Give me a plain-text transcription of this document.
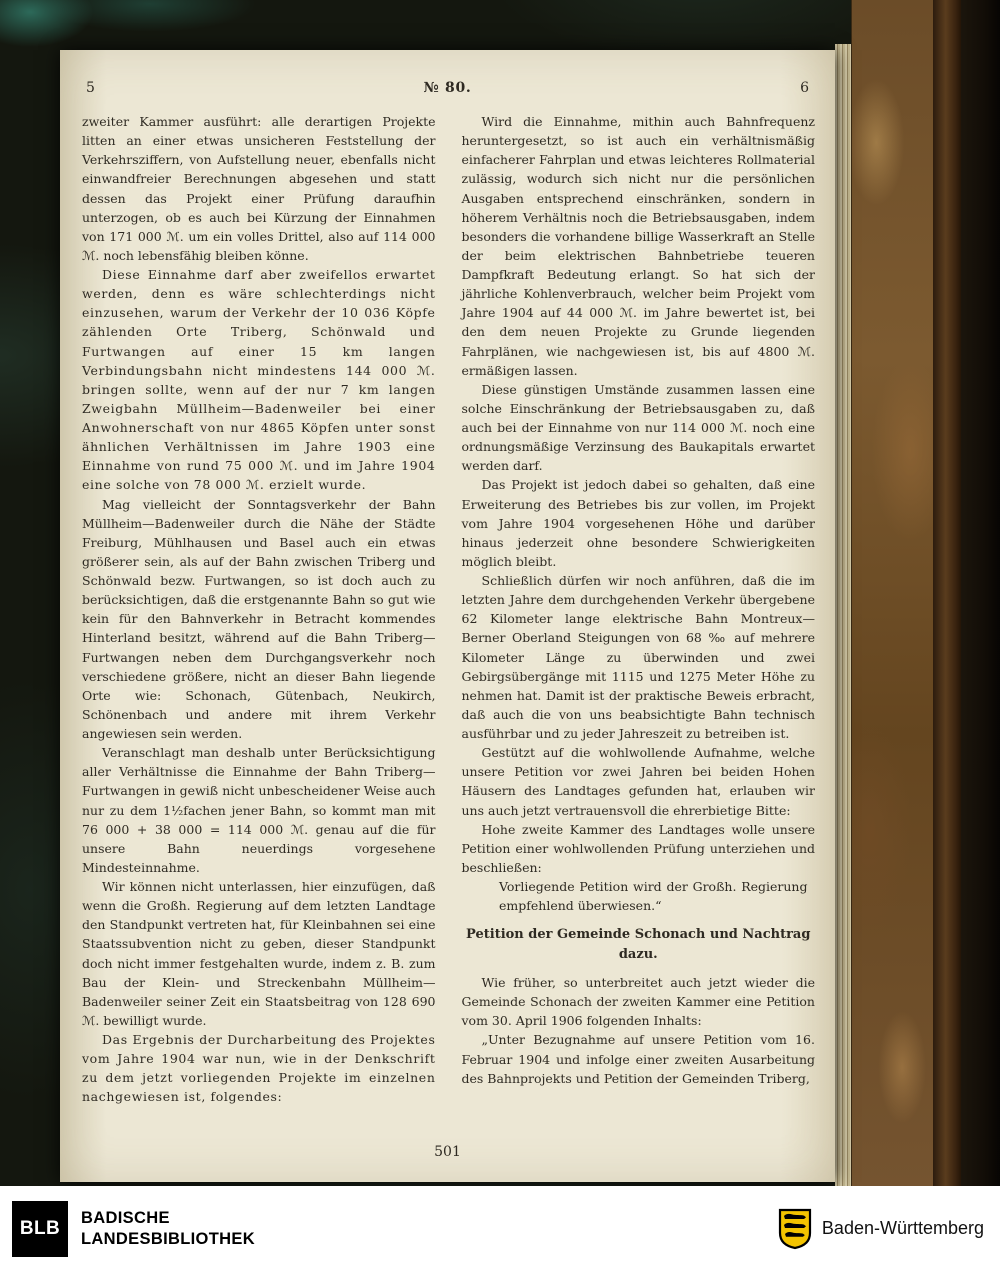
5	№ 80.	6

zweiter Kammer ausführt: alle derartigen Projekte litten an einer etwas unsicheren Feststellung der Verkehrsziffern, von Aufstellung neuer, ebenfalls nicht einwandfreier Berechnungen abgesehen und statt dessen das Projekt einer Prüfung daraufhin unterzogen, ob es auch bei Kürzung der Einnahmen von 171 000 ℳ. um ein volles Drittel, also auf 114 000 ℳ. noch lebensfähig bleiben könne.

Diese Einnahme darf aber zweifellos erwartet werden, denn es wäre schlechterdings nicht einzusehen, warum der Verkehr der 10 036 Köpfe zählenden Orte Triberg, Schönwald und Furtwangen auf einer 15 km langen Verbindungsbahn nicht mindestens 144 000 ℳ. bringen sollte, wenn auf der nur 7 km langen Zweigbahn Müllheim—Badenweiler bei einer Anwohnerschaft von nur 4865 Köpfen unter sonst ähnlichen Verhältnissen im Jahre 1903 eine Einnahme von rund 75 000 ℳ. und im Jahre 1904 eine solche von 78 000 ℳ. erzielt wurde.

Mag vielleicht der Sonntagsverkehr der Bahn Müllheim—Badenweiler durch die Nähe der Städte Freiburg, Mühlhausen und Basel auch ein etwas größerer sein, als auf der Bahn zwischen Triberg und Schönwald bezw. Furtwangen, so ist doch auch zu berücksichtigen, daß die erstgenannte Bahn so gut wie kein für den Bahnverkehr in Betracht kommendes Hinterland besitzt, während auf die Bahn Triberg—Furtwangen neben dem Durchgangsverkehr noch verschiedene größere, nicht an dieser Bahn liegende Orte wie: Schonach, Gütenbach, Neukirch, Schönenbach und andere mit ihrem Verkehr angewiesen sein werden.

Veranschlagt man deshalb unter Berücksichtigung aller Verhältnisse die Einnahme der Bahn Triberg—Furtwangen in gewiß nicht unbescheidener Weise auch nur zu dem 1½fachen jener Bahn, so kommt man mit 76 000 + 38 000 = 114 000 ℳ. genau auf die für unsere Bahn neuerdings vorgesehene Mindesteinnahme.

Wir können nicht unterlassen, hier einzufügen, daß wenn die Großh. Regierung auf dem letzten Landtage den Standpunkt vertreten hat, für Kleinbahnen sei eine Staatssubvention nicht zu geben, dieser Standpunkt doch nicht immer festgehalten wurde, indem z. B. zum Bau der Klein- und Streckenbahn Müllheim—Badenweiler seiner Zeit ein Staatsbeitrag von 128 690 ℳ. bewilligt wurde.

Das Ergebnis der Durcharbeitung des Projektes vom Jahre 1904 war nun, wie in der Denkschrift zu dem jetzt vorliegenden Projekte im einzelnen nachgewiesen ist, folgendes:

Wird die Einnahme, mithin auch Bahnfrequenz heruntergesetzt, so ist auch ein verhältnismäßig einfacherer Fahrplan und etwas leichteres Rollmaterial zulässig, wodurch sich nicht nur die persönlichen Ausgaben entsprechend einschränken, sondern in höherem Verhältnis noch die Betriebsausgaben, indem besonders die vorhandene billige Wasserkraft an Stelle der beim elektrischen Bahnbetriebe teueren Dampfkraft Bedeutung erlangt. So hat sich der jährliche Kohlenverbrauch, welcher beim Projekt vom Jahre 1904 auf 44 000 ℳ. im Jahre bewertet ist, bei den dem neuen Projekte zu Grunde liegenden Fahrplänen, wie nachgewiesen ist, bis auf 4800 ℳ. ermäßigen lassen.

Diese günstigen Umstände zusammen lassen eine solche Einschränkung der Betriebsausgaben zu, daß auch bei der Einnahme von nur 114 000 ℳ. noch eine ordnungsmäßige Verzinsung des Baukapitals erwartet werden darf.

Das Projekt ist jedoch dabei so gehalten, daß eine Erweiterung des Betriebes bis zur vollen, im Projekt vom Jahre 1904 vorgesehenen Höhe und darüber hinaus jederzeit ohne besondere Schwierigkeiten möglich bleibt.

Schließlich dürfen wir noch anführen, daß die im letzten Jahre dem durchgehenden Verkehr übergebene 62 Kilometer lange elektrische Bahn Montreux—Berner Oberland Steigungen von 68 ‰ auf mehrere Kilometer Länge zu überwinden und zwei Gebirgsübergänge mit 1115 und 1275 Meter Höhe zu nehmen hat. Damit ist der praktische Beweis erbracht, daß auch die von uns beabsichtigte Bahn technisch ausführbar und zu jeder Jahreszeit zu betreiben ist.

Gestützt auf die wohlwollende Aufnahme, welche unsere Petition vor zwei Jahren bei beiden Hohen Häusern des Landtages gefunden hat, erlauben wir uns auch jetzt vertrauensvoll die ehrerbietige Bitte:

Hohe zweite Kammer des Landtages wolle unsere Petition einer wohlwollenden Prüfung unterziehen und beschließen:

Vorliegende Petition wird der Großh. Regierung empfehlend überwiesen.“

Petition der Gemeinde Schonach und Nachtrag dazu.

Wie früher, so unterbreitet auch jetzt wieder die Gemeinde Schonach der zweiten Kammer eine Petition vom 30. April 1906 folgenden Inhalts:

„Unter Bezugnahme auf unsere Petition vom 16. Februar 1904 und infolge einer zweiten Ausarbeitung des Bahnprojekts und Petition der Gemeinden Triberg,

501
BLB	BADISCHE
LANDESBIBLIOTHEK
Baden-Württemberg
